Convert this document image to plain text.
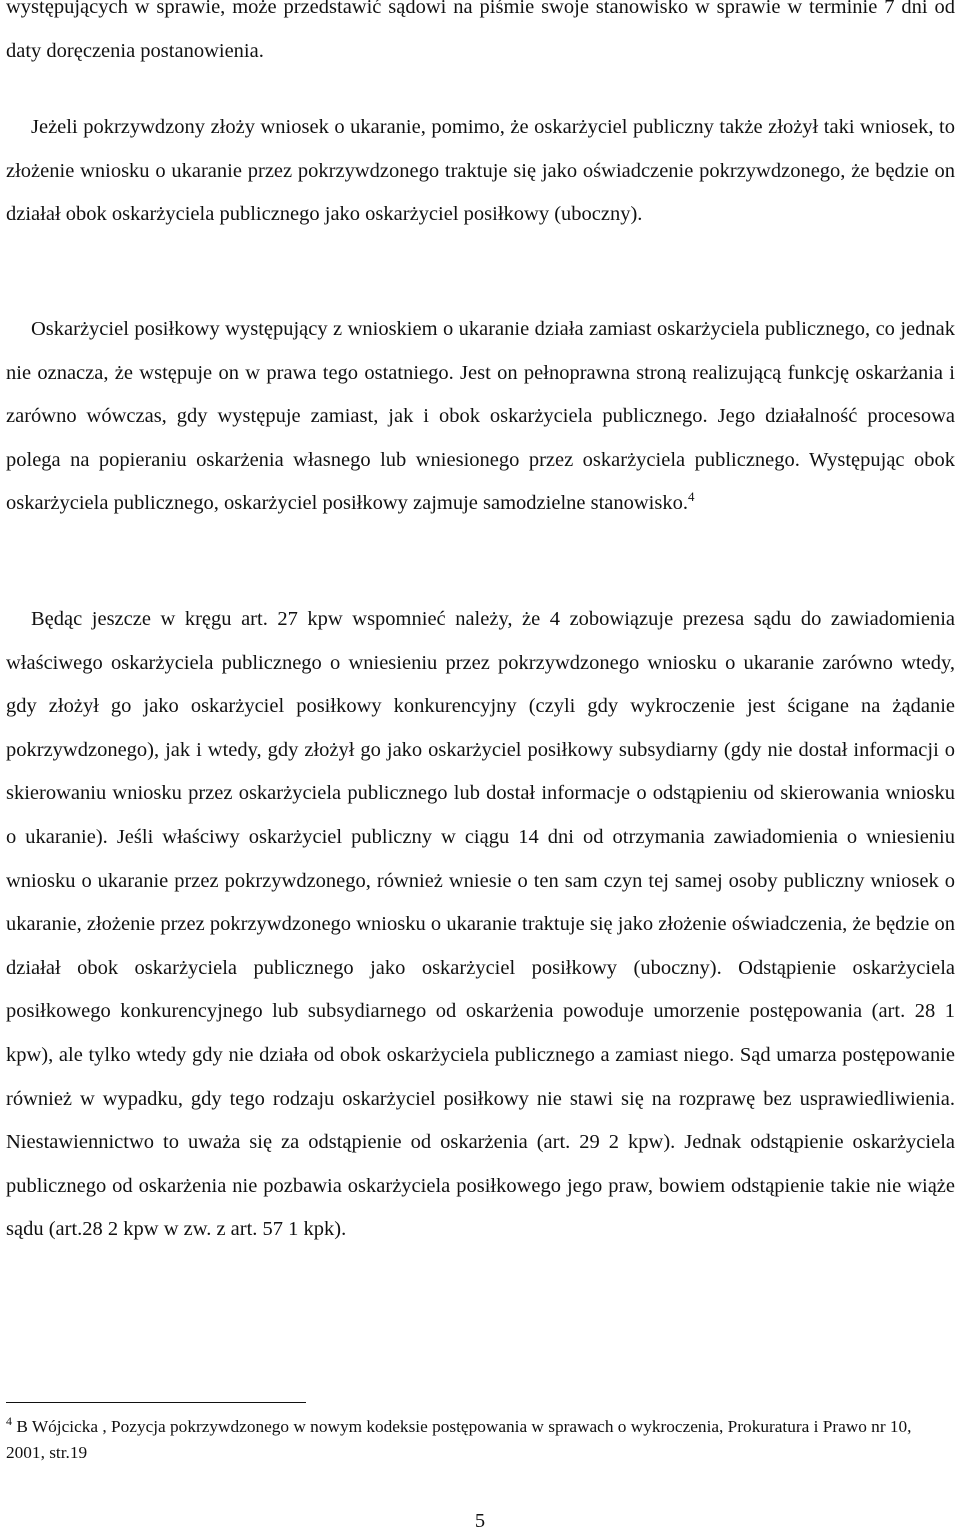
występujących w sprawie, może przedstawić sądowi na piśmie swoje stanowisko w sprawie w terminie 7 dni od daty doręczenia postanowienia.

Jeżeli pokrzywdzony złoży wniosek o ukaranie, pomimo, że oskarżyciel publiczny także złożył taki wniosek, to złożenie wniosku o ukaranie przez pokrzywdzonego traktuje się jako oświadczenie pokrzywdzonego, że będzie on działał obok oskarżyciela publicznego jako oskarżyciel posiłkowy (uboczny).

Oskarżyciel posiłkowy występujący z wnioskiem o ukaranie działa zamiast oskarżyciela publicznego, co jednak nie oznacza, że wstępuje on w prawa tego ostatniego. Jest on pełnoprawna stroną realizującą funkcję oskarżania i zarówno wówczas, gdy występuje zamiast, jak i obok oskarżyciela publicznego. Jego działalność procesowa polega na popieraniu oskarżenia własnego lub wniesionego przez oskarżyciela publicznego. Występując obok oskarżyciela publicznego, oskarżyciel posiłkowy zajmuje samodzielne stanowisko.$^4$

Będąc jeszcze w kręgu art. 27 kpw wspomnieć należy, że 4 zobowiązuje prezesa sądu do zawiadomienia właściwego oskarżyciela publicznego o wniesieniu przez pokrzywdzonego wniosku o ukaranie zarówno wtedy, gdy złożył go jako oskarżyciel posiłkowy konkurencyjny (czyli gdy wykroczenie jest ścigane na żądanie pokrzywdzonego), jak i wtedy, gdy złożył go jako oskarżyciel posiłkowy subsydiarny (gdy nie dostał informacji o skierowaniu wniosku przez oskarżyciela publicznego lub dostał informacje o odstąpieniu od skierowania wniosku o ukaranie). Jeśli właściwy oskarżyciel publiczny w ciągu 14 dni od otrzymania zawiadomienia o wniesieniu wniosku o ukaranie przez pokrzywdzonego, również wniesie o ten sam czyn tej samej osoby publiczny wniosek o ukaranie, złożenie przez pokrzywdzonego wniosku o ukaranie traktuje się jako złożenie oświadczenia, że będzie on działał obok oskarżyciela publicznego jako oskarżyciel posiłkowy (uboczny). Odstąpienie oskarżyciela posiłkowego konkurencyjnego lub subsydiarnego od oskarżenia powoduje umorzenie postępowania (art. 28 1 kpw), ale tylko wtedy gdy nie działa od obok oskarżyciela publicznego a zamiast niego. Sąd umarza postępowanie również w wypadku, gdy tego rodzaju oskarżyciel posiłkowy nie stawi się na rozprawę bez usprawiedliwienia. Niestawiennictwo to uważa się za odstąpienie od oskarżenia (art. 29 2 kpw). Jednak odstąpienie oskarżyciela publicznego od oskarżenia nie pozbawia oskarżyciela posiłkowego jego praw, bowiem odstąpienie takie nie wiąże sądu (art.28 2 kpw w zw. z art. 57 1 kpk).

$^4$ B Wójcicka , Pozycja pokrzywdzonego w nowym kodeksie postępowania w sprawach o wykroczenia, Prokuratura i Prawo nr 10, 2001, str.19

5
